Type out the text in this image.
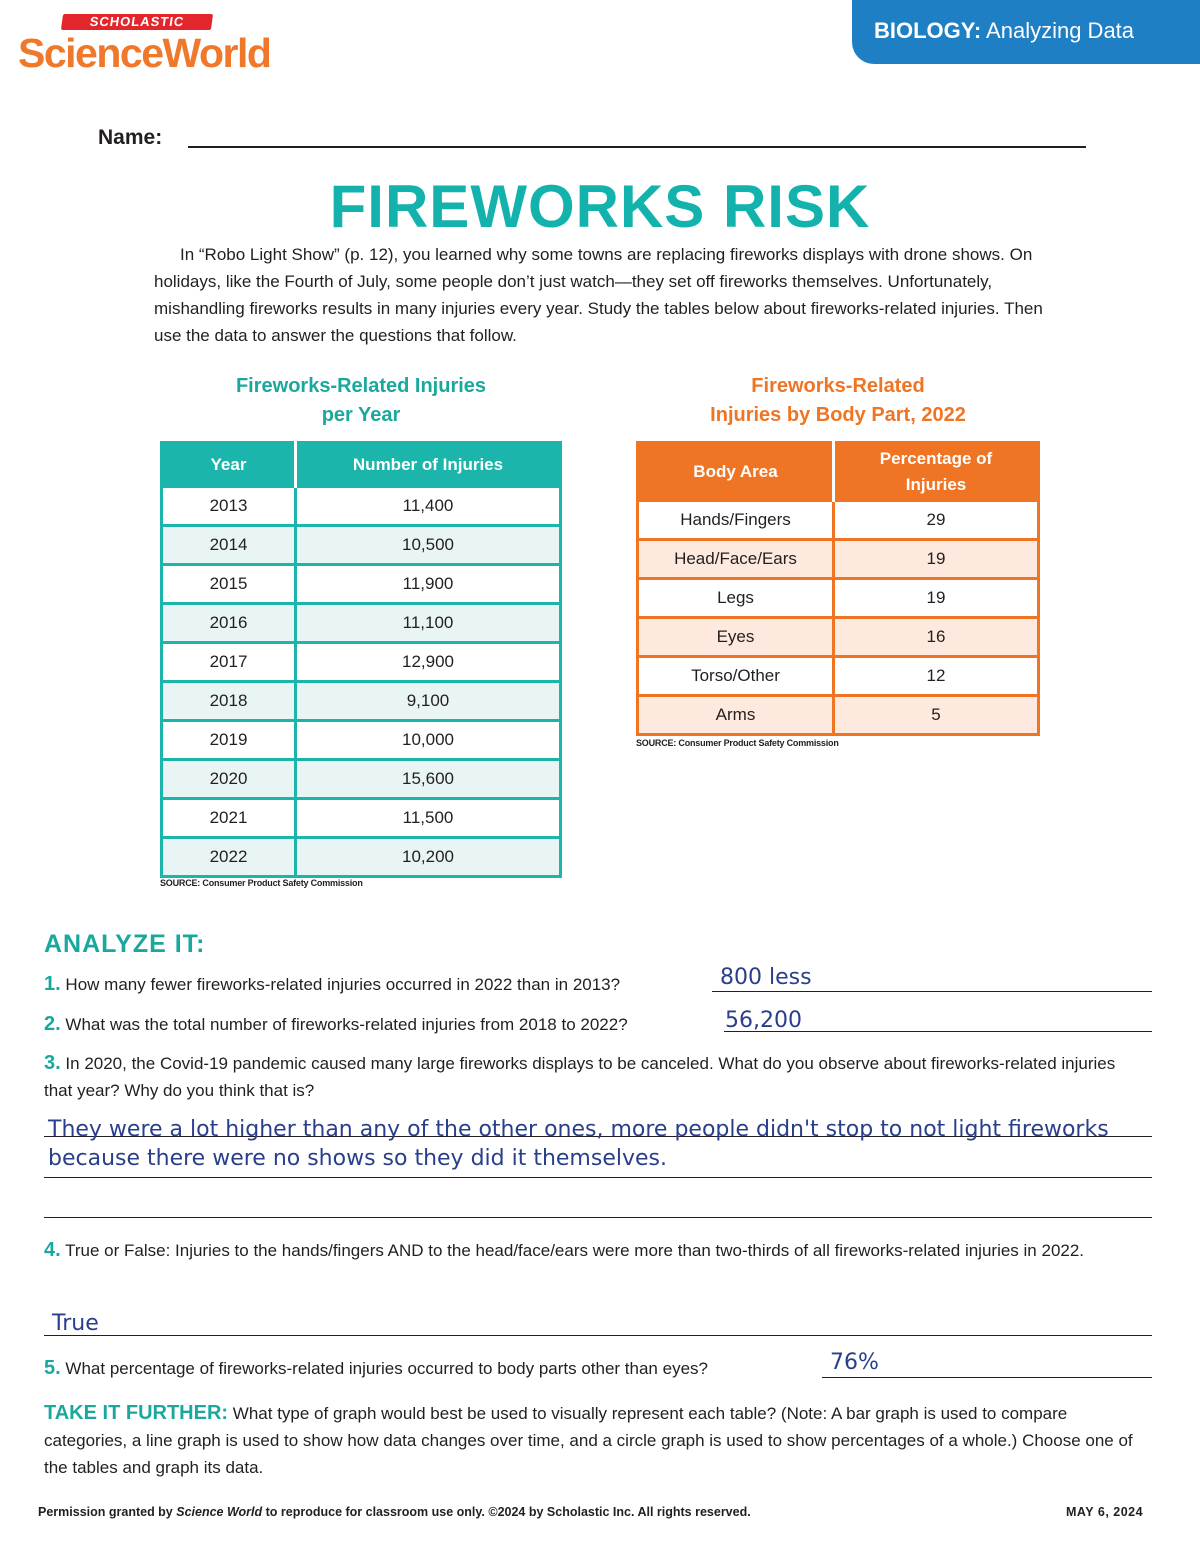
SCHOLASTIC
ScienceWorld	BIOLOGY: Analyzing Data
Name:
FIREWORKS RISK
In “Robo Light Show” (p. 12), you learned why some towns are replacing fireworks displays with drone shows. On holidays, like the Fourth of July, some people don’t just watch—they set off fireworks themselves. Unfortunately, mishandling fireworks results in many injuries every year. Study the tables below about fireworks-related injuries. Then use the data to answer the questions that follow.
Fireworks-Related Injuries
per Year
Year	Number of Injuries
2013	11,400
2014	10,500
2015	11,900
2016	11,100
2017	12,900
2018	9,100
2019	10,000
2020	15,600
2021	11,500
2022	10,200
SOURCE: Consumer Product Safety Commission
Fireworks-Related
Injuries by Body Part, 2022
Body Area	Percentage of Injuries
Hands/Fingers	29
Head/Face/Ears	19
Legs	19
Eyes	16
Torso/Other	12
Arms	5
SOURCE: Consumer Product Safety Commission
ANALYZE IT:
1. How many fewer fireworks-related injuries occurred in 2022 than in 2013?	800 less
2. What was the total number of fireworks-related injuries from 2018 to 2022?	56,200
3. In 2020, the Covid-19 pandemic caused many large fireworks displays to be canceled. What do you observe about fireworks-related injuries that year? Why do you think that is?
They were a lot higher than any of the other ones, more people didn't stop to not light fireworks
because there were no shows so they did it themselves.
4. True or False: Injuries to the hands/fingers AND to the head/face/ears were more than two-thirds of all fireworks-related injuries in 2022.
True
5. What percentage of fireworks-related injuries occurred to body parts other than eyes?	76%
TAKE IT FURTHER: What type of graph would best be used to visually represent each table? (Note: A bar graph is used to compare categories, a line graph is used to show how data changes over time, and a circle graph is used to show percentages of a whole.) Choose one of the tables and graph its data.
Permission granted by Science World to reproduce for classroom use only. ©2024 by Scholastic Inc. All rights reserved.	MAY 6, 2024
